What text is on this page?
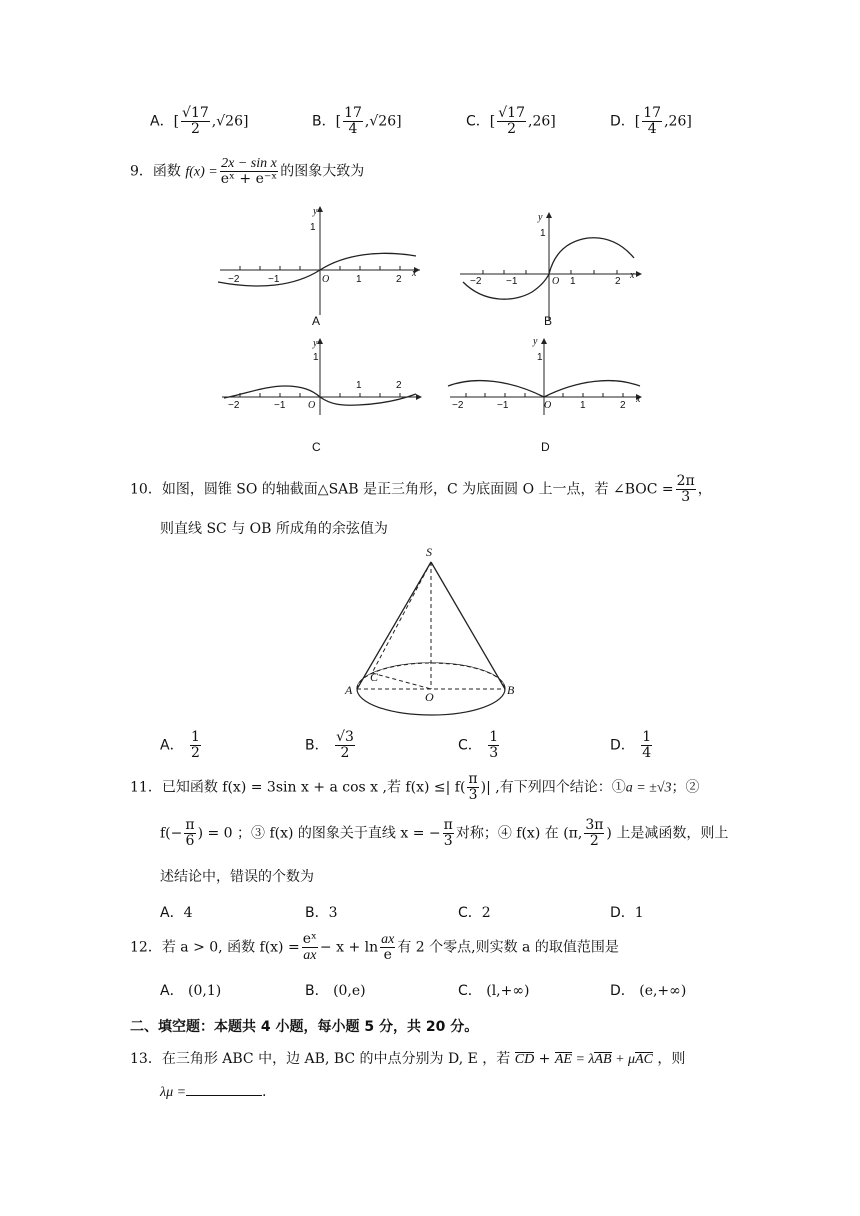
A．[ $\frac{√17}{2} ,√26$]	B．[ $\frac{17}{4} ,√26$]	C．[ $\frac{√17}{2} ,26$]	D．[ $\frac{17}{4} ,26$]
9．函数 $f(x) = \frac{\text{2x − sin x}}{\text{eˣ + e⁻ˣ}}$ 的图象大致为
y
1
−2	−1	O	1	2
x
A
y
1
−2 −1	O 1	2
x
B
y
1
−2	−1 O
1	2
C
y
1
−2	−1	O	1	2
x
D
10．如图，圆锥 SO 的轴截面△SAB 是正三角形，C 为底面圆 O 上一点，若 ∠BOC = $\frac{2\pi}{3}$ ，
则直线 SC 与 OB 所成角的余弦值为
S
A	B
C
O
A． $\frac{1}{2}$	B． $\frac{√3}{2}$	C． $\frac{1}{3}$	D． $\frac{1}{4}$
11．已知函数 f(x) = 3sin x + a cos x ,若 f(x) ≤| $f( \frac{\pi}{3}$ )| ,有下列四个结论：①a = ±√3；②
$f(- \frac{\pi}{6}$ ) = 0 ；③ f(x) 的图象关于直线 x = − $\frac{\pi}{3}$ 对称；④ f(x) 在 (π, $\frac{3\pi}{2}$ ) 上是减函数，则上
述结论中，错误的个数为
A．4	B．3	C．2	D．1
12．若 a > 0, 函数 $f(x) = \frac{\text{eˣ}}{ax} - x + \ln \frac{ax}{e}$ 有 2 个零点,则实数 a 的取值范围是
A． (0,1)	B． (0,e)	C． (l,+∞)	D． (e,+∞)
二、填空题：本题共 4 小题，每小题 5 分，共 20 分。
13．在三角形 ABC 中，边 AB, BC 的中点分别为 D, E ，若 CD + AE = λAB + μAC ，则
λμ =	.
